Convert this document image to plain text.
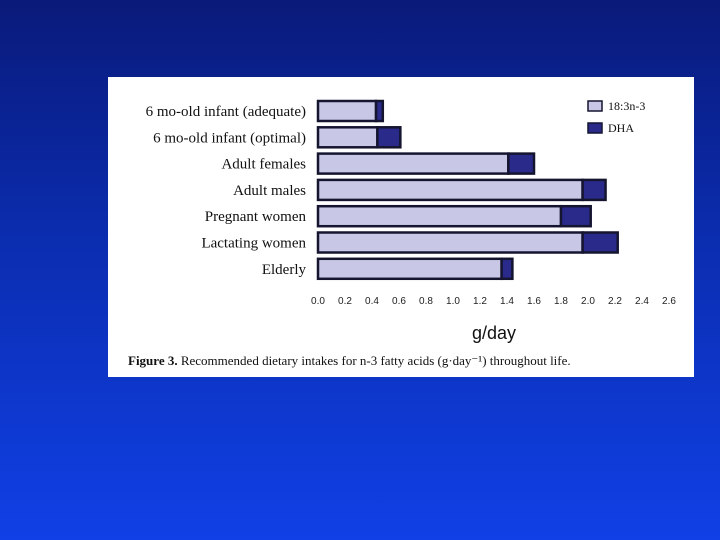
6 mo-old infant (adequate)
6 mo-old infant (optimal)
Adult females
Adult males
Pregnant women
Lactating women
Elderly
0.0 0.2 0.4 0.6 0.8 1.0 1.2 1.4 1.6 1.8 2.0 2.2 2.4 2.6
g/day
18:3n-3
DHA
Figure 3. Recommended dietary intakes for n-3 fatty acids (g·day⁻¹) throughout life.
